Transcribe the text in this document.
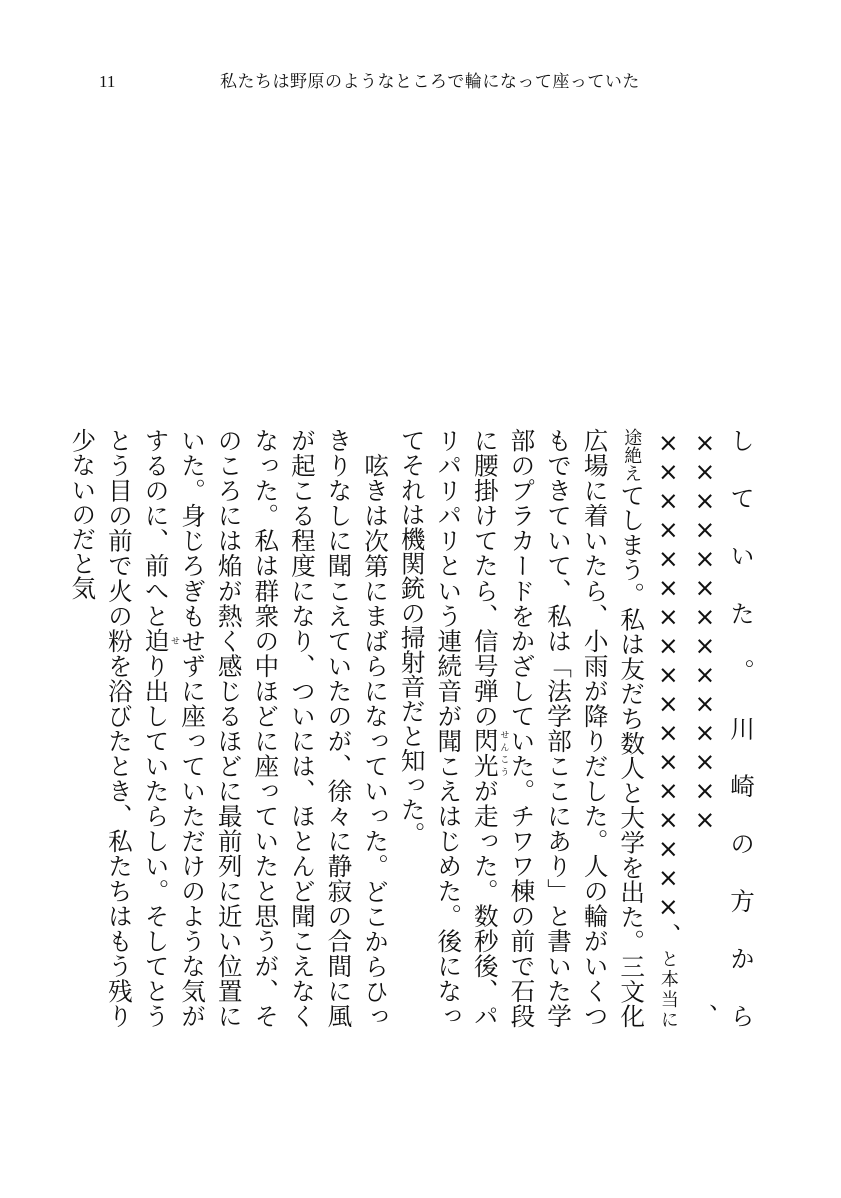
11	私たちは野原のようなところで輪になって座っていた

していた。川崎の方から××××××××××××××、×××××××××××××××××、と本当に途絶えてしまう。私は友だち数人と大学を出た。三文化広場に着いたら、小雨が降りだした。人の輪がいくつもできていて、私は「法学部ここにあり」と書いた学部のプラカードをかざしていた。チワワ棟の前で石段に腰掛けてたら、信号弾の閃光せんこうが走った。数秒後、パリパリパリという連続音が聞こえはじめた。後になってそれは機関銃の掃射音だと知った。

呟きは次第にまばらになっていった。どこからひっきりなしに聞こえていたのが、徐々に静寂の合間に風が起こる程度になり、ついには、ほとんど聞こえなくなった。私は群衆の中ほどに座っていたと思うが、そのころには焔が熱く感じるほどに最前列に近い位置にいた。身じろぎもせずに座っていただけのような気がするのに、前へと迫せり出していたらしい。そしてとうとう目の前で火の粉を浴びたとき、私たちはもう残り少ないのだと気
